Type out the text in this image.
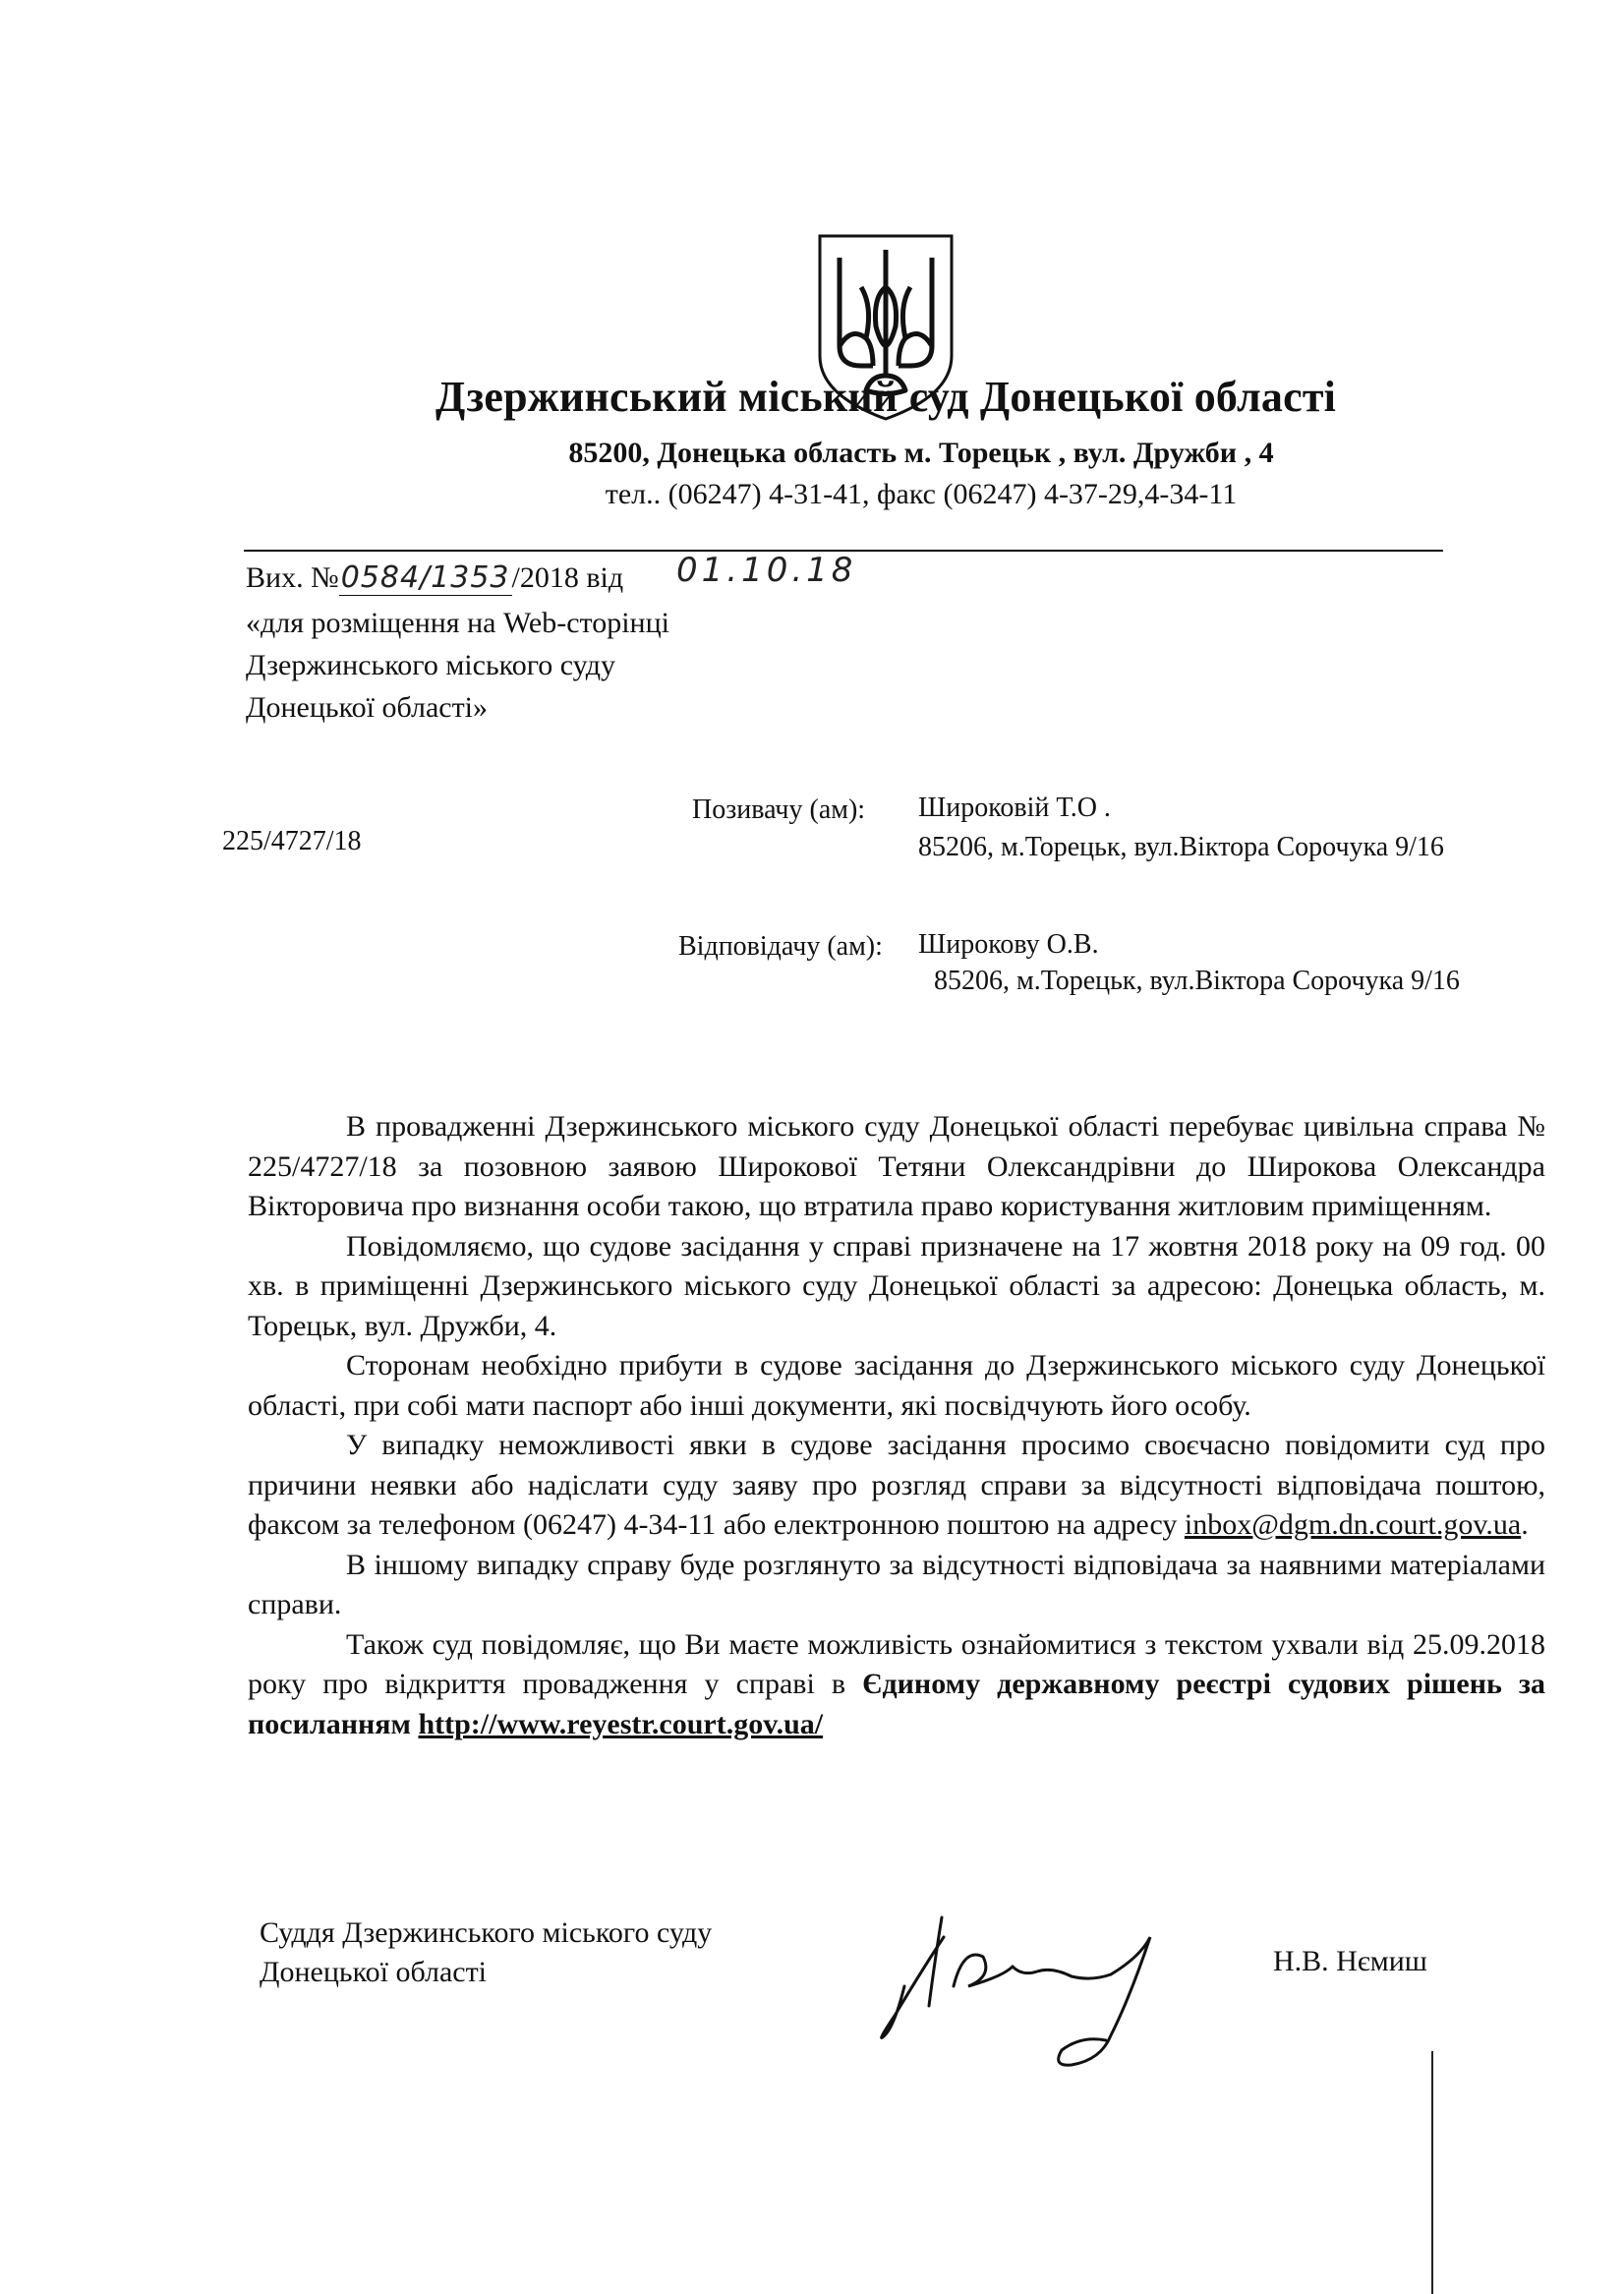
Дзержинський міський суд Донецької області
85200, Донецька область м. Торецьк , вул. Дружби , 4
тел.. (06247) 4-31-41, факс (06247) 4-37-29,4-34-11
Вих. №0584/1353/2018 від 01.10.18
«для розміщення на Web-сторінці
Дзержинського міського суду
Донецької області»
225/4727/18
Позивачу (ам): Широковій Т.О .
85206, м.Торецьк, вул.Віктора Сорочука 9/16
Відповідачу (ам): Широкову О.В.
85206, м.Торецьк, вул.Віктора Сорочука 9/16

В провадженні Дзержинського міського суду Донецької області перебуває цивільна справа № 225/4727/18 за позовною заявою Широкової Тетяни Олександрівни до Широкова Олександра Вікторовича про визнання особи такою, що втратила право користування житловим приміщенням.

Повідомляємо, що судове засідання у справі призначене на 17 жовтня 2018 року на 09 год. 00 хв. в приміщенні Дзержинського міського суду Донецької області за адресою: Донецька область, м. Торецьк, вул. Дружби, 4.

Сторонам необхідно прибути в судове засідання до Дзержинського міського суду Донецької області, при собі мати паспорт або інші документи, які посвідчують його особу.

У випадку неможливості явки в судове засідання просимо своєчасно повідомити суд про причини неявки або надіслати суду заяву про розгляд справи за відсутності відповідача поштою, факсом за телефоном (06247) 4-34-11 або електронною поштою на адресу inbox@dgm.dn.court.gov.ua.

В іншому випадку справу буде розглянуто за відсутності відповідача за наявними матеріалами справи.

Також суд повідомляє, що Ви маєте можливість ознайомитися з текстом ухвали від 25.09.2018 року про відкриття провадження у справі в Єдиному державному реєстрі судових рішень за посиланням http://www.reyestr.court.gov.ua/

Суддя Дзержинського міського суду
Донецької області	Н.В. Нємиш
